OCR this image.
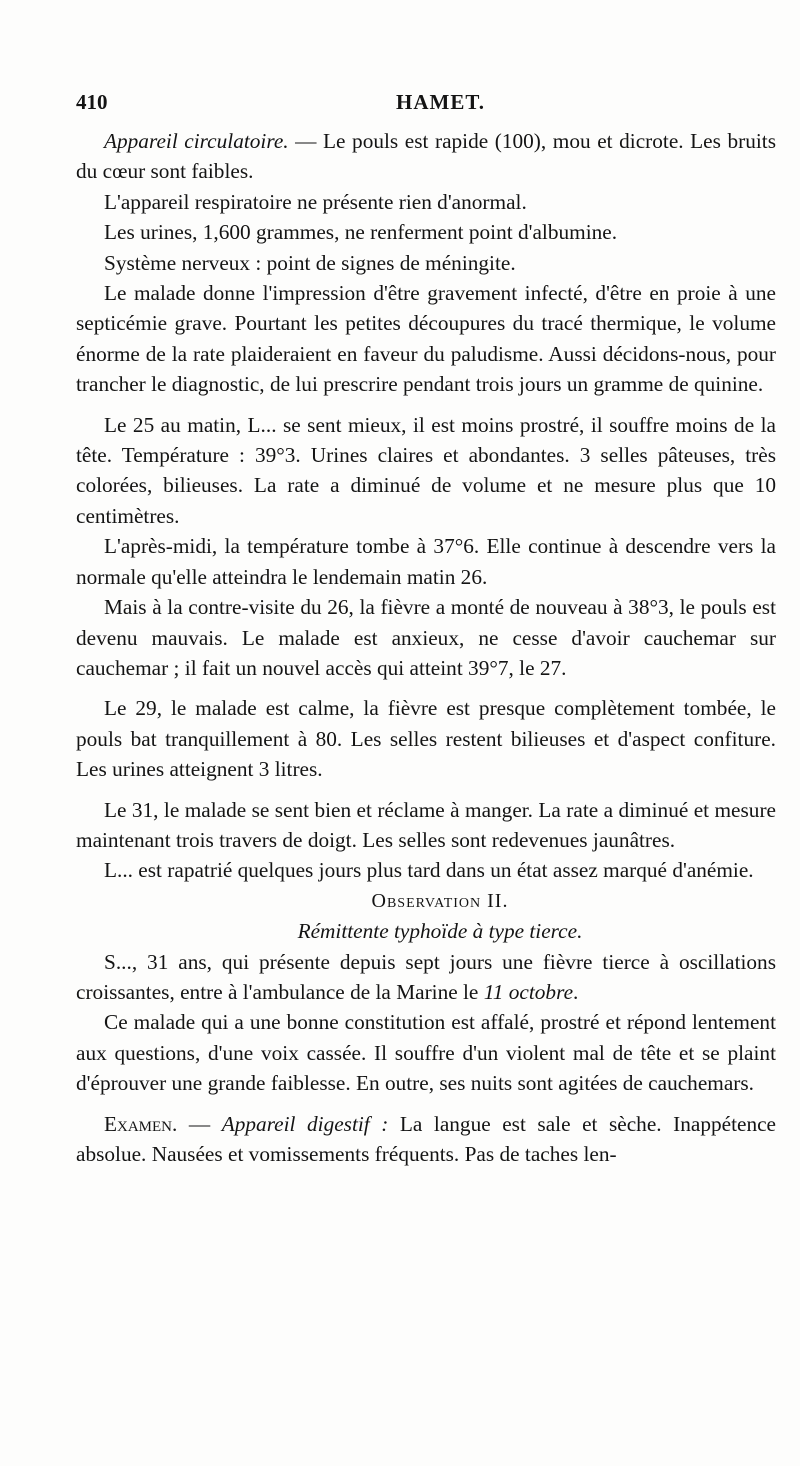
410	HAMET.

Appareil circulatoire. — Le pouls est rapide (100), mou et dicrote. Les bruits du cœur sont faibles.

L'appareil respiratoire ne présente rien d'anormal.

Les urines, 1,600 grammes, ne renferment point d'albumine.

Système nerveux : point de signes de méningite.

Le malade donne l'impression d'être gravement infecté, d'être en proie à une septicémie grave. Pourtant les petites découpures du tracé thermique, le volume énorme de la rate plaideraient en faveur du paludisme. Aussi décidons-nous, pour trancher le diagnostic, de lui prescrire pendant trois jours un gramme de quinine.

Le 25 au matin, L... se sent mieux, il est moins prostré, il souffre moins de la tête. Température : 39°3. Urines claires et abondantes. 3 selles pâteuses, très colorées, bilieuses. La rate a diminué de volume et ne mesure plus que 10 centimètres.

L'après-midi, la température tombe à 37°6. Elle continue à descendre vers la normale qu'elle atteindra le lendemain matin 26.

Mais à la contre-visite du 26, la fièvre a monté de nouveau à 38°3, le pouls est devenu mauvais. Le malade est anxieux, ne cesse d'avoir cauchemar sur cauchemar ; il fait un nouvel accès qui atteint 39°7, le 27.

Le 29, le malade est calme, la fièvre est presque complètement tombée, le pouls bat tranquillement à 80. Les selles restent bilieuses et d'aspect confiture. Les urines atteignent 3 litres.

Le 31, le malade se sent bien et réclame à manger. La rate a diminué et mesure maintenant trois travers de doigt. Les selles sont redevenues jaunâtres.

L... est rapatrié quelques jours plus tard dans un état assez marqué d'anémie.

Observation II.

Rémittente typhoïde à type tierce.

S..., 31 ans, qui présente depuis sept jours une fièvre tierce à oscillations croissantes, entre à l'ambulance de la Marine le 11 octobre.

Ce malade qui a une bonne constitution est affalé, prostré et répond lentement aux questions, d'une voix cassée. Il souffre d'un violent mal de tête et se plaint d'éprouver une grande faiblesse. En outre, ses nuits sont agitées de cauchemars.

Examen. — Appareil digestif : La langue est sale et sèche. Inappétence absolue. Nausées et vomissements fréquents. Pas de taches len-
